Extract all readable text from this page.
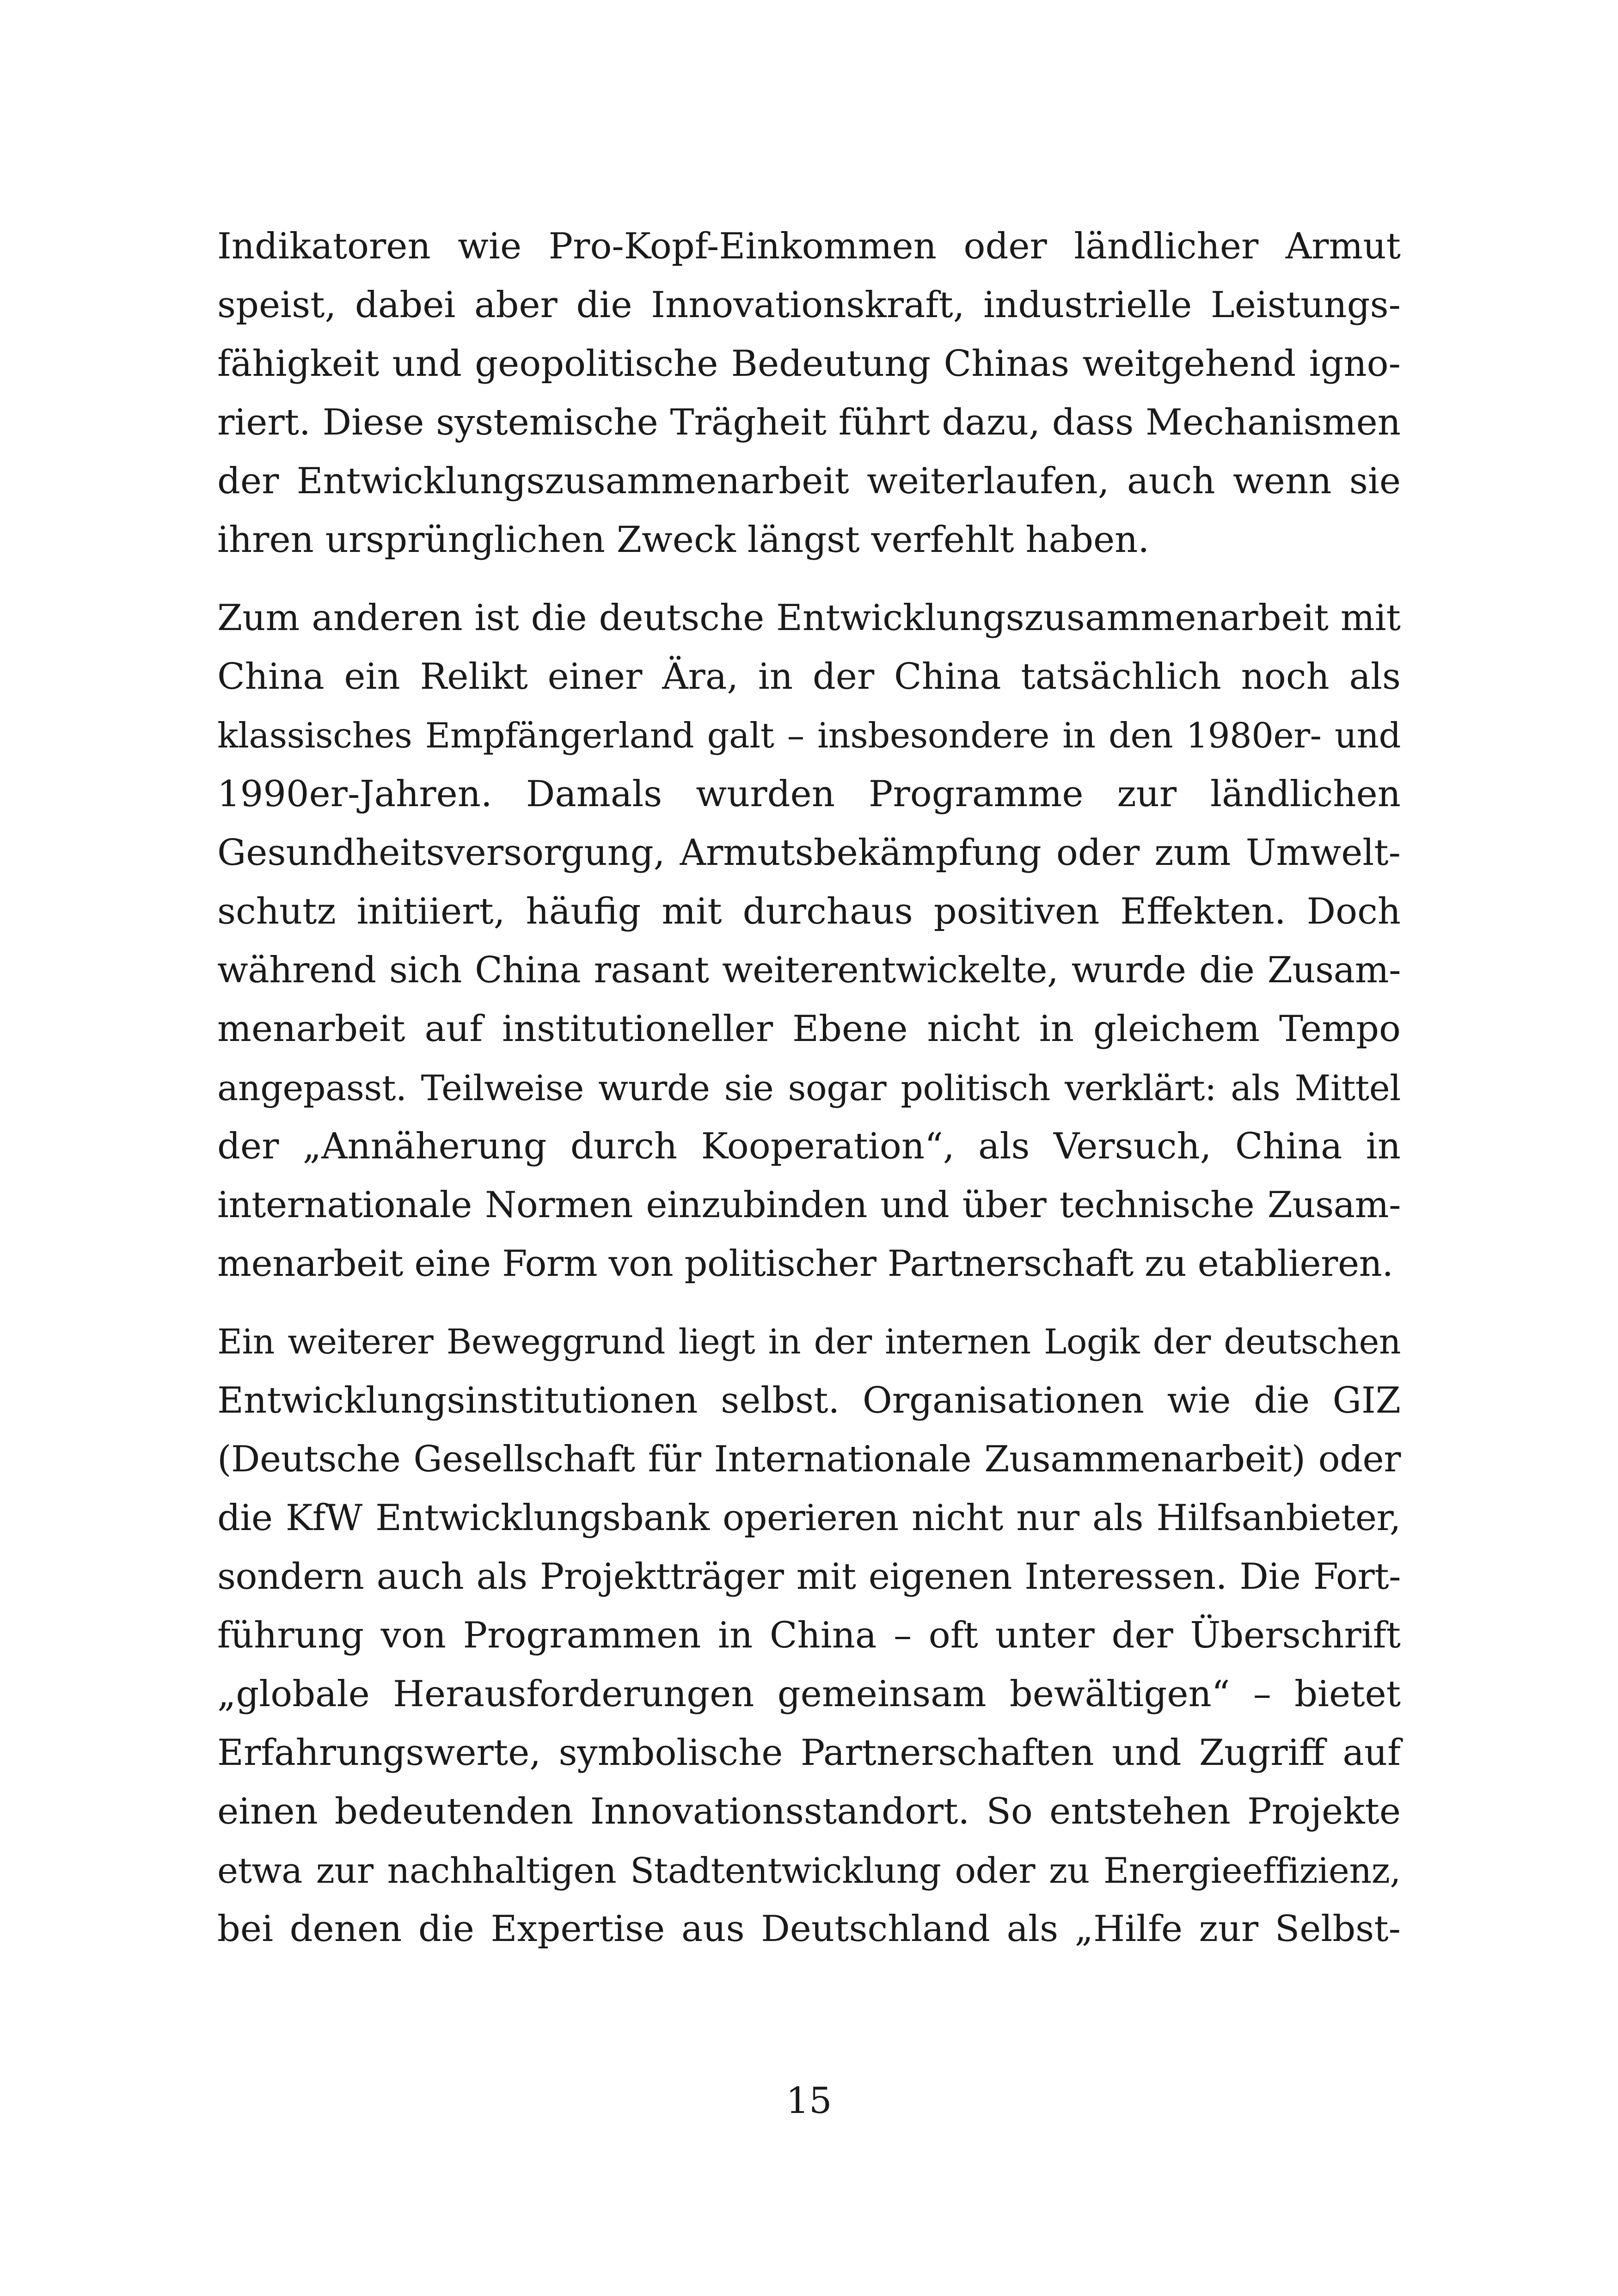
Indikatoren wie Pro-Kopf-Einkommen oder ländlicher Armut
speist, dabei aber die Innovationskraft, industrielle Leistungs-
fähigkeit und geopolitische Bedeutung Chinas weitgehend igno-
riert. Diese systemische Trägheit führt dazu, dass Mechanismen
der Entwicklungszusammenarbeit weiterlaufen, auch wenn sie
ihren ursprünglichen Zweck längst verfehlt haben.

Zum anderen ist die deutsche Entwicklungszusammenarbeit mit
China ein Relikt einer Ära, in der China tatsächlich noch als
klassisches Empfängerland galt – insbesondere in den 1980er- und
1990er-Jahren. Damals wurden Programme zur ländlichen
Gesundheitsversorgung, Armutsbekämpfung oder zum Umwelt-
schutz initiiert, häufig mit durchaus positiven Effekten. Doch
während sich China rasant weiterentwickelte, wurde die Zusam-
menarbeit auf institutioneller Ebene nicht in gleichem Tempo
angepasst. Teilweise wurde sie sogar politisch verklärt: als Mittel
der „Annäherung durch Kooperation“, als Versuch, China in
internationale Normen einzubinden und über technische Zusam-
menarbeit eine Form von politischer Partnerschaft zu etablieren.

Ein weiterer Beweggrund liegt in der internen Logik der deutschen
Entwicklungsinstitutionen selbst. Organisationen wie die GIZ
(Deutsche Gesellschaft für Internationale Zusammenarbeit) oder
die KfW Entwicklungsbank operieren nicht nur als Hilfsanbieter,
sondern auch als Projektträger mit eigenen Interessen. Die Fort-
führung von Programmen in China – oft unter der Überschrift
„globale Herausforderungen gemeinsam bewältigen“ – bietet
Erfahrungswerte, symbolische Partnerschaften und Zugriff auf
einen bedeutenden Innovationsstandort. So entstehen Projekte
etwa zur nachhaltigen Stadtentwicklung oder zu Energieeffizienz,
bei denen die Expertise aus Deutschland als „Hilfe zur Selbst-

15
